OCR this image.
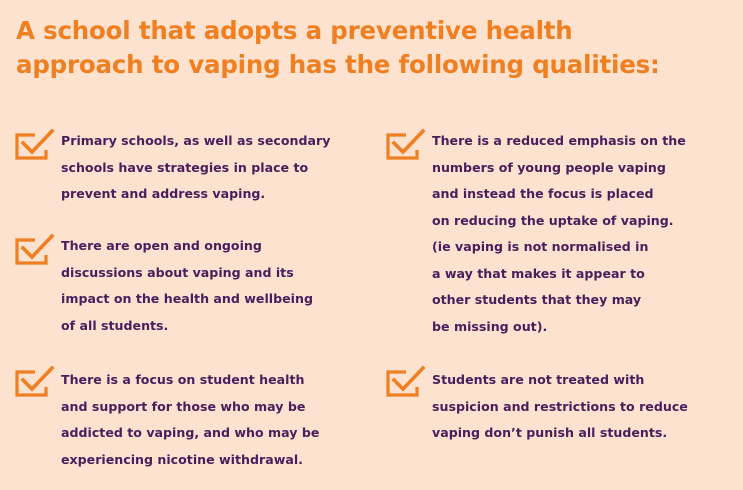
A school that adopts a preventive health
approach to vaping has the following qualities:
Primary schools, as well as secondary
schools have strategies in place to
prevent and address vaping.
There are open and ongoing
discussions about vaping and its
impact on the health and wellbeing
of all students.
There is a focus on student health
and support for those who may be
addicted to vaping, and who may be
experiencing nicotine withdrawal.
There is a reduced emphasis on the
numbers of young people vaping
and instead the focus is placed
on reducing the uptake of vaping.
(ie vaping is not normalised in
a way that makes it appear to
other students that they may
be missing out).
Students are not treated with
suspicion and restrictions to reduce
vaping don’t punish all students.
